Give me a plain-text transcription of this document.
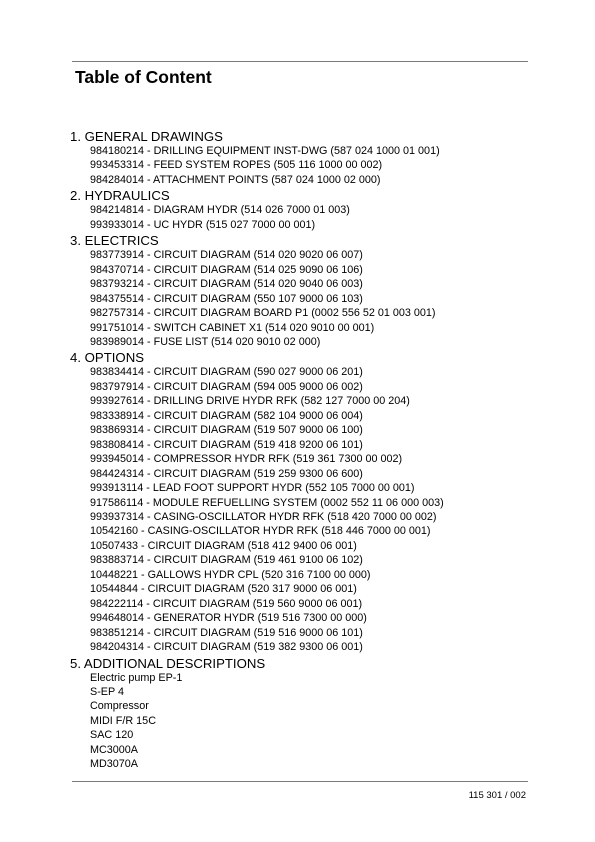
Table of Content
1. GENERAL DRAWINGS
984180214 - DRILLING EQUIPMENT INST-DWG (587 024 1000 01 001)
993453314 - FEED SYSTEM ROPES (505 116 1000 00 002)
984284014 - ATTACHMENT POINTS (587 024 1000 02 000)
2. HYDRAULICS
984214814 - DIAGRAM HYDR (514 026 7000 01 003)
993933014 - UC HYDR (515 027 7000 00 001)
3. ELECTRICS
983773914 - CIRCUIT DIAGRAM (514 020 9020 06 007)
984370714 - CIRCUIT DIAGRAM (514 025 9090 06 106)
983793214 - CIRCUIT DIAGRAM (514 020 9040 06 003)
984375514 - CIRCUIT DIAGRAM (550 107 9000 06 103)
982757314 - CIRCUIT DIAGRAM BOARD P1 (0002 556 52 01 003 001)
991751014 - SWITCH CABINET X1 (514 020 9010 00 001)
983989014 - FUSE LIST (514 020 9010 02 000)
4. OPTIONS
983834414 - CIRCUIT DIAGRAM (590 027 9000 06 201)
983797914 - CIRCUIT DIAGRAM (594 005 9000 06 002)
993927614 - DRILLING DRIVE HYDR RFK (582 127 7000 00 204)
983338914 - CIRCUIT DIAGRAM (582 104 9000 06 004)
983869314 - CIRCUIT DIAGRAM (519 507 9000 06 100)
983808414 - CIRCUIT DIAGRAM (519 418 9200 06 101)
993945014 - COMPRESSOR HYDR RFK (519 361 7300 00 002)
984424314 - CIRCUIT DIAGRAM (519 259 9300 06 600)
993913114 - LEAD FOOT SUPPORT HYDR (552 105 7000 00 001)
917586114 - MODULE REFUELLING SYSTEM (0002 552 11 06 000 003)
993937314 - CASING-OSCILLATOR HYDR RFK (518 420 7000 00 002)
10542160 - CASING-OSCILLATOR HYDR RFK (518 446 7000 00 001)
10507433 - CIRCUIT DIAGRAM (518 412 9400 06 001)
983883714 - CIRCUIT DIAGRAM (519 461 9100 06 102)
10448221 - GALLOWS HYDR CPL (520 316 7100 00 000)
10544844 - CIRCUIT DIAGRAM (520 317 9000 06 001)
984222114 - CIRCUIT DIAGRAM (519 560 9000 06 001)
994648014 - GENERATOR HYDR (519 516 7300 00 000)
983851214 - CIRCUIT DIAGRAM (519 516 9000 06 101)
984204314 - CIRCUIT DIAGRAM (519 382 9300 06 001)
5. ADDITIONAL DESCRIPTIONS
Electric pump EP-1
S-EP 4
Compressor
MIDI F/R 15C
SAC 120
MC3000A
MD3070A
115 301 / 002
